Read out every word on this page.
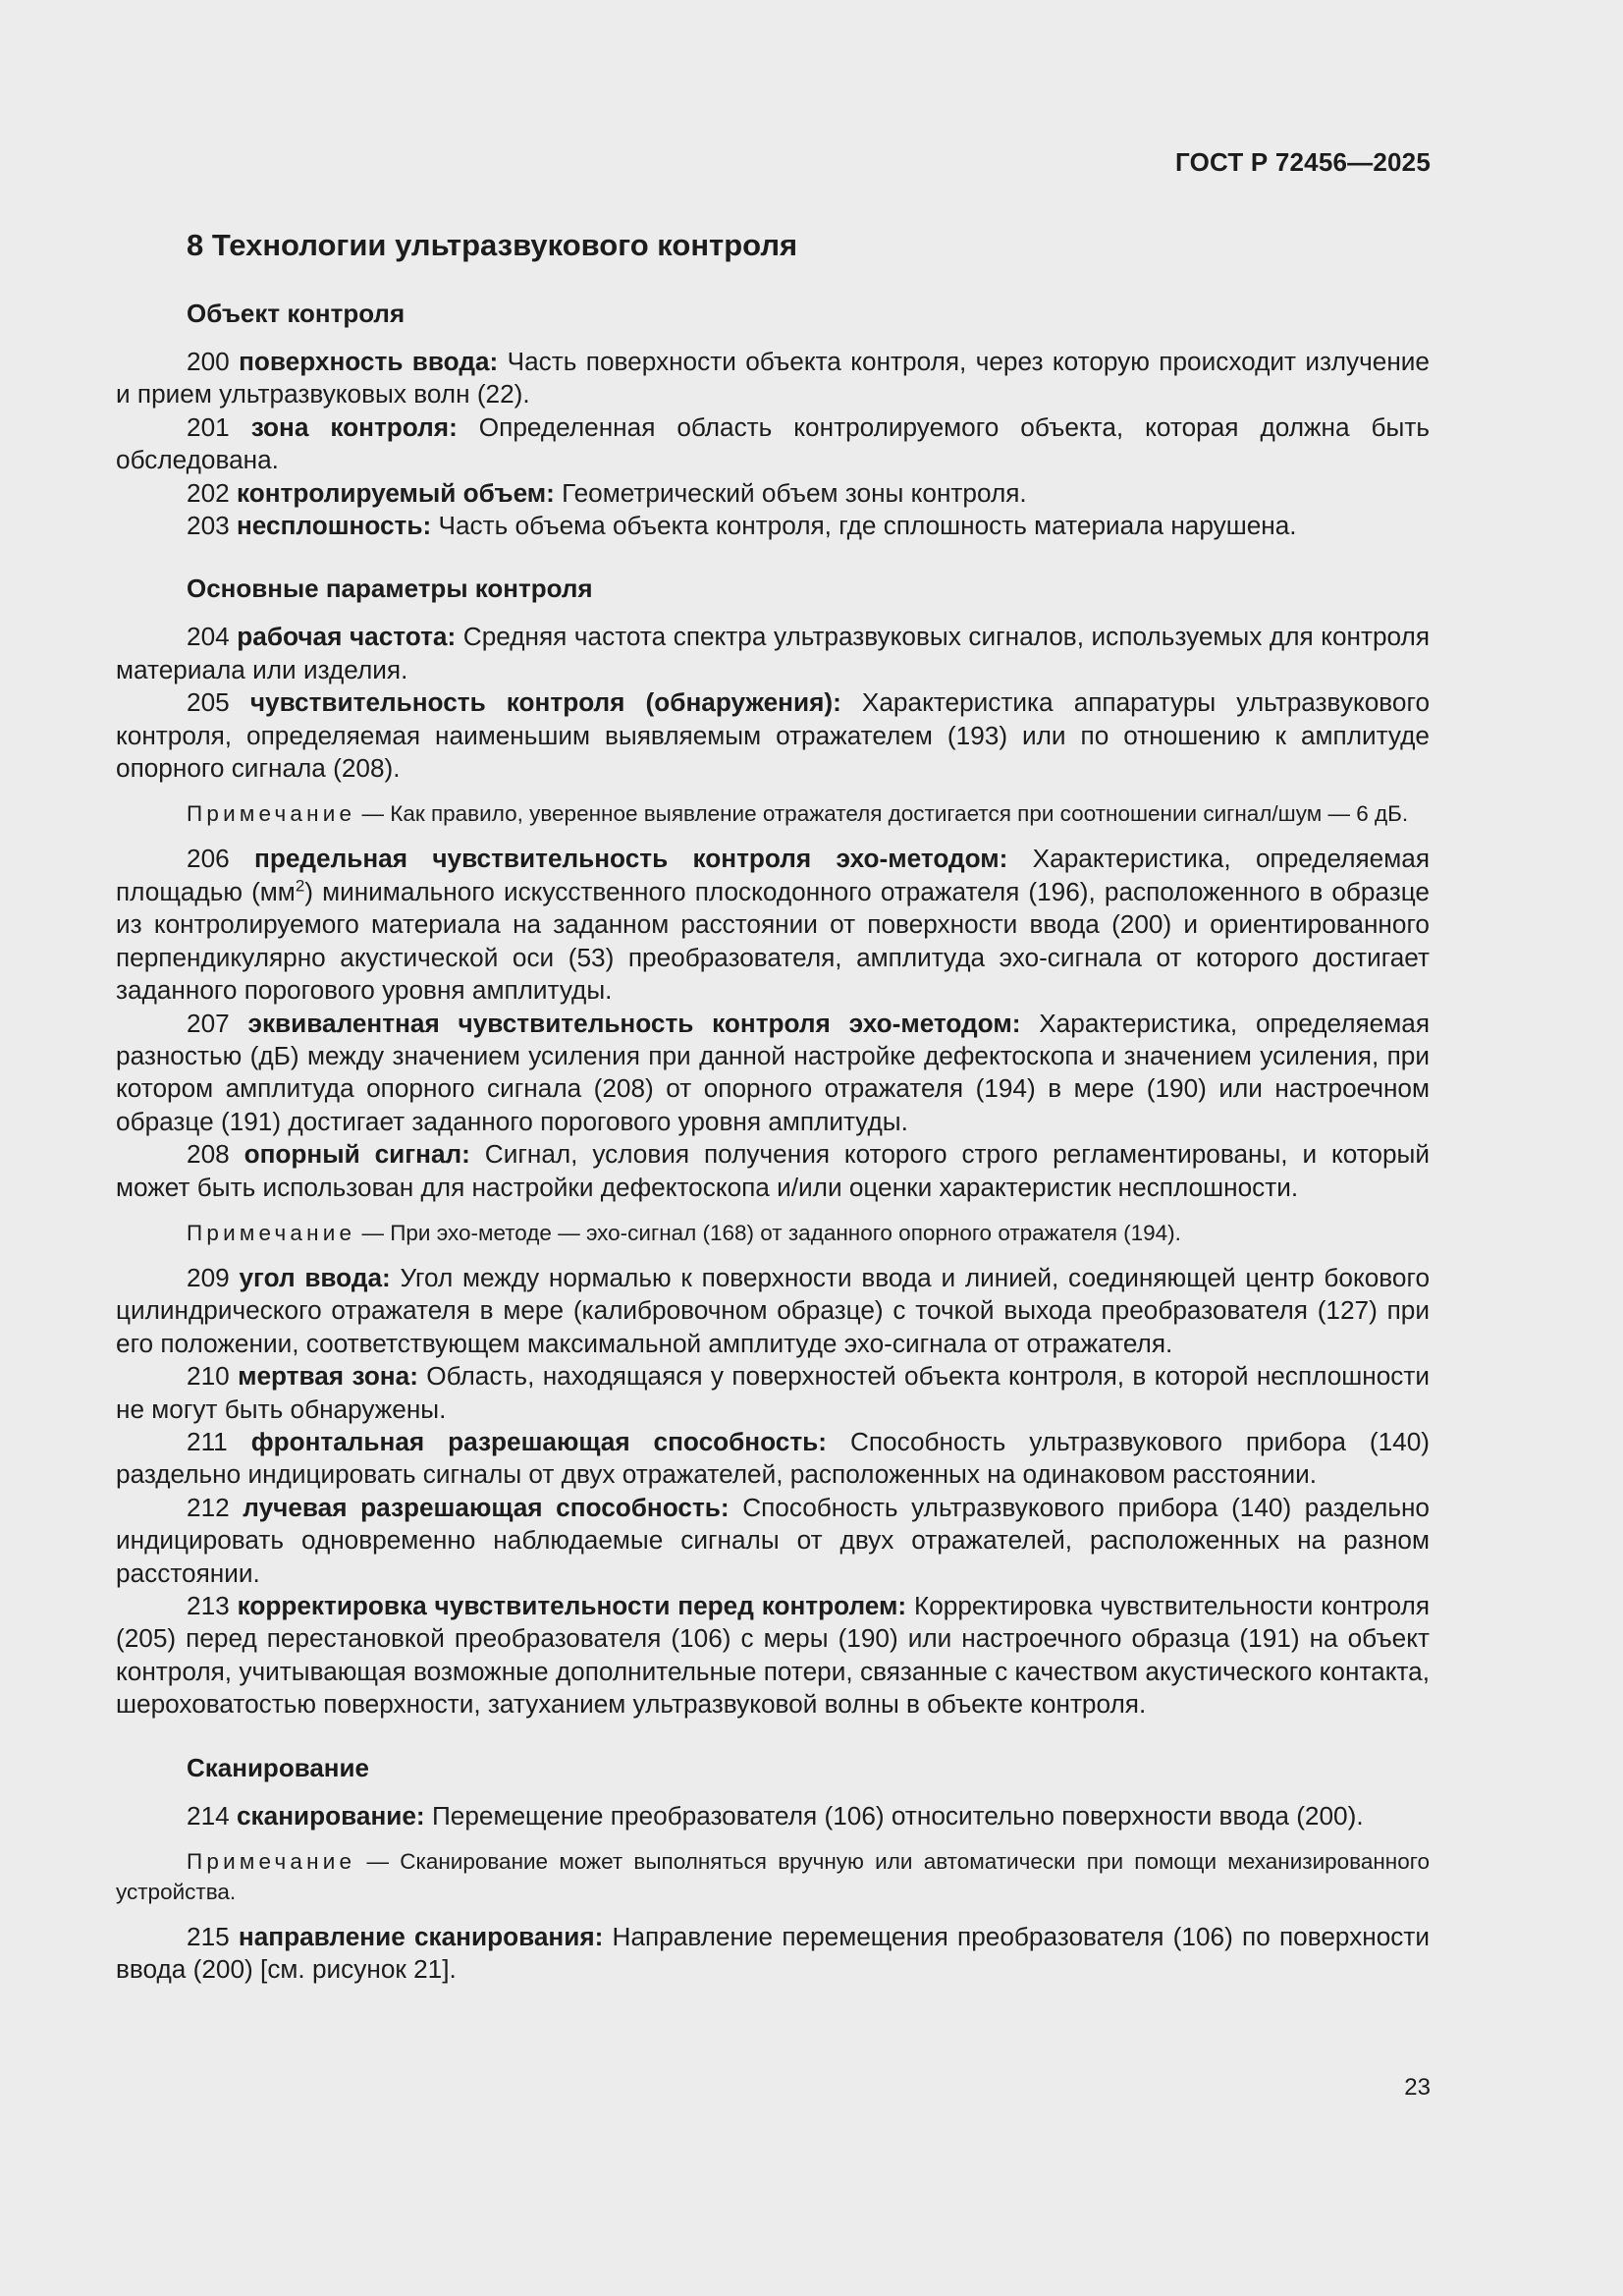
ГОСТ Р 72456—2025
8 Технологии ультразвукового контроля
Объект контроля

200 поверхность ввода: Часть поверхности объекта контроля, через которую происходит излучение и прием ультразвуковых волн (22).

201 зона контроля: Определенная область контролируемого объекта, которая должна быть обследована.

202 контролируемый объем: Геометрический объем зоны контроля.

203 несплошность: Часть объема объекта контроля, где сплошность материала нарушена.

Основные параметры контроля

204 рабочая частота: Средняя частота спектра ультразвуковых сигналов, используемых для контроля материала или изделия.

205 чувствительность контроля (обнаружения): Характеристика аппаратуры ультразвукового контроля, определяемая наименьшим выявляемым отражателем (193) или по отношению к амплитуде опорного сигнала (208).

Примечание — Как правило, уверенное выявление отражателя достигается при соотношении сигнал/шум — 6 дБ.

206 предельная чувствительность контроля эхо-методом: Характеристика, определяемая площадью $(мм^2)$ минимального искусственного плоскодонного отражателя (196), расположенного в образце из контролируемого материала на заданном расстоянии от поверхности ввода (200) и ориентированного перпендикулярно акустической оси (53) преобразователя, амплитуда эхо-сигнала от которого достигает заданного порогового уровня амплитуды.

207 эквивалентная чувствительность контроля эхо-методом: Характеристика, определяемая разностью (дБ) между значением усиления при данной настройке дефектоскопа и значением усиления, при котором амплитуда опорного сигнала (208) от опорного отражателя (194) в мере (190) или настроечном образце (191) достигает заданного порогового уровня амплитуды.

208 опорный сигнал: Сигнал, условия получения которого строго регламентированы, и который может быть использован для настройки дефектоскопа и/или оценки характеристик несплошности.

Примечание — При эхо-методе — эхо-сигнал (168) от заданного опорного отражателя (194).

209 угол ввода: Угол между нормалью к поверхности ввода и линией, соединяющей центр бокового цилиндрического отражателя в мере (калибровочном образце) с точкой выхода преобразователя (127) при его положении, соответствующем максимальной амплитуде эхо-сигнала от отражателя.

210 мертвая зона: Область, находящаяся у поверхностей объекта контроля, в которой несплошности не могут быть обнаружены.

211 фронтальная разрешающая способность: Способность ультразвукового прибора (140) раздельно индицировать сигналы от двух отражателей, расположенных на одинаковом расстоянии.

212 лучевая разрешающая способность: Способность ультразвукового прибора (140) раздельно индицировать одновременно наблюдаемые сигналы от двух отражателей, расположенных на разном расстоянии.

213 корректировка чувствительности перед контролем: Корректировка чувствительности контроля (205) перед перестановкой преобразователя (106) с меры (190) или настроечного образца (191) на объект контроля, учитывающая возможные дополнительные потери, связанные с качеством акустического контакта, шероховатостью поверхности, затуханием ультразвуковой волны в объекте контроля.

Сканирование

214 сканирование: Перемещение преобразователя (106) относительно поверхности ввода (200).

Примечание — Сканирование может выполняться вручную или автоматически при помощи механизированного устройства.

215 направление сканирования: Направление перемещения преобразователя (106) по поверхности ввода (200) [см. рисунок 21].

23
